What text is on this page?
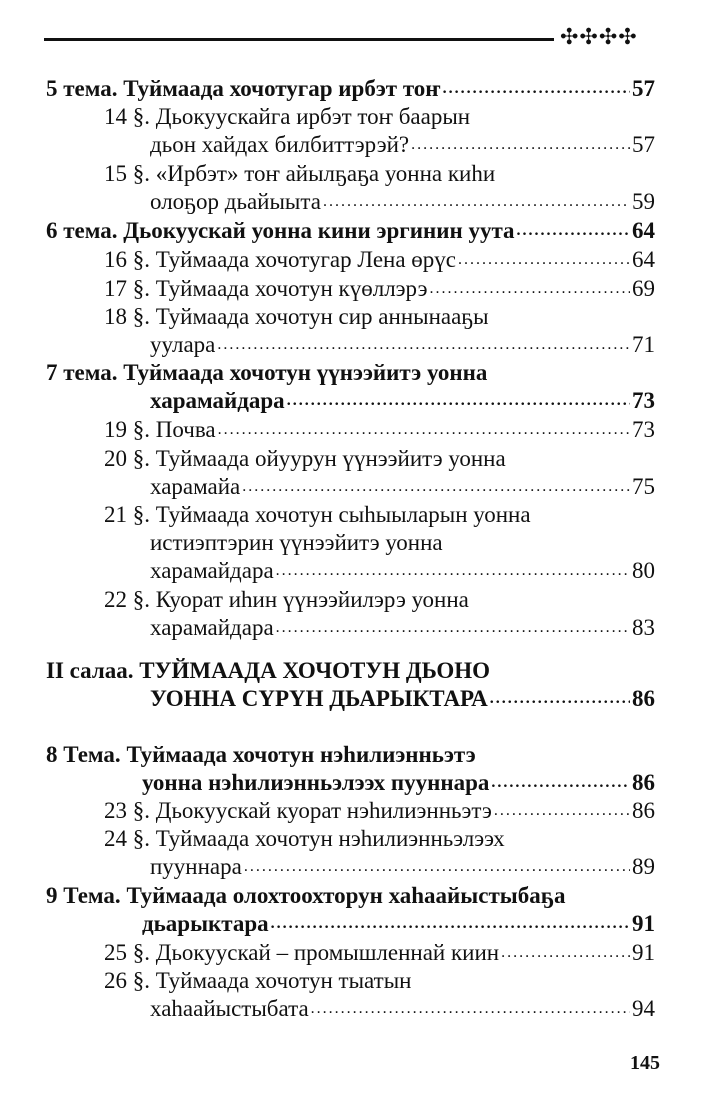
✣✣✣✣
5 тема. Туймаада хочотугар ирбэт тоҥ .....	57
14 §. Дьокуускайга ирбэт тоҥ баарын
дьон хайдах билбиттэрэй? .....	57
15 §. «Ирбэт» тоҥ айылҕаҕа уонна киһи
олоҕор дьайыыта .....	59
6 тема. Дьокуускай уонна кини эргинин уута .....	64
16 §. Туймаада хочотугар Лена өрүс .....	64
17 §. Туймаада хочотун күөллэрэ .....	69
18 §. Туймаада хочотун сир аннынааҕы
уулара .....	71
7 тема. Туймаада хочотун үүнээйитэ уонна
харамайдара .....	73
19 §. Почва .....	73
20 §. Туймаада ойуурун үүнээйитэ уонна
харамайа .....	75
21 §. Туймаада хочотун сыһыыларын уонна
истиэптэрин үүнээйитэ уонна
харамайдара .....	80
22 §. Куорат иһин үүнээйилэрэ уонна
харамайдара .....	83
II салаа. ТУЙМААДА ХОЧОТУН ДЬОНО
УОННА СҮРҮН ДЬАРЫКТАРА .....	86
8 Тема. Туймаада хочотун нэһилиэнньэтэ
уонна нэһилиэнньэлээх пууннара .....	86
23 §. Дьокуускай куорат нэһилиэнньэтэ .....	86
24 §. Туймаада хочотун нэһилиэнньэлээх
пууннара .....	89
9 Тема. Туймаада олохтоохторун хаһаайыстыбаҕа
дьарыктара .....	91
25 §. Дьокуускай – промышленнай киин .....	91
26 §. Туймаада хочотун тыатын
хаһаайыстыбата .....	94
145
